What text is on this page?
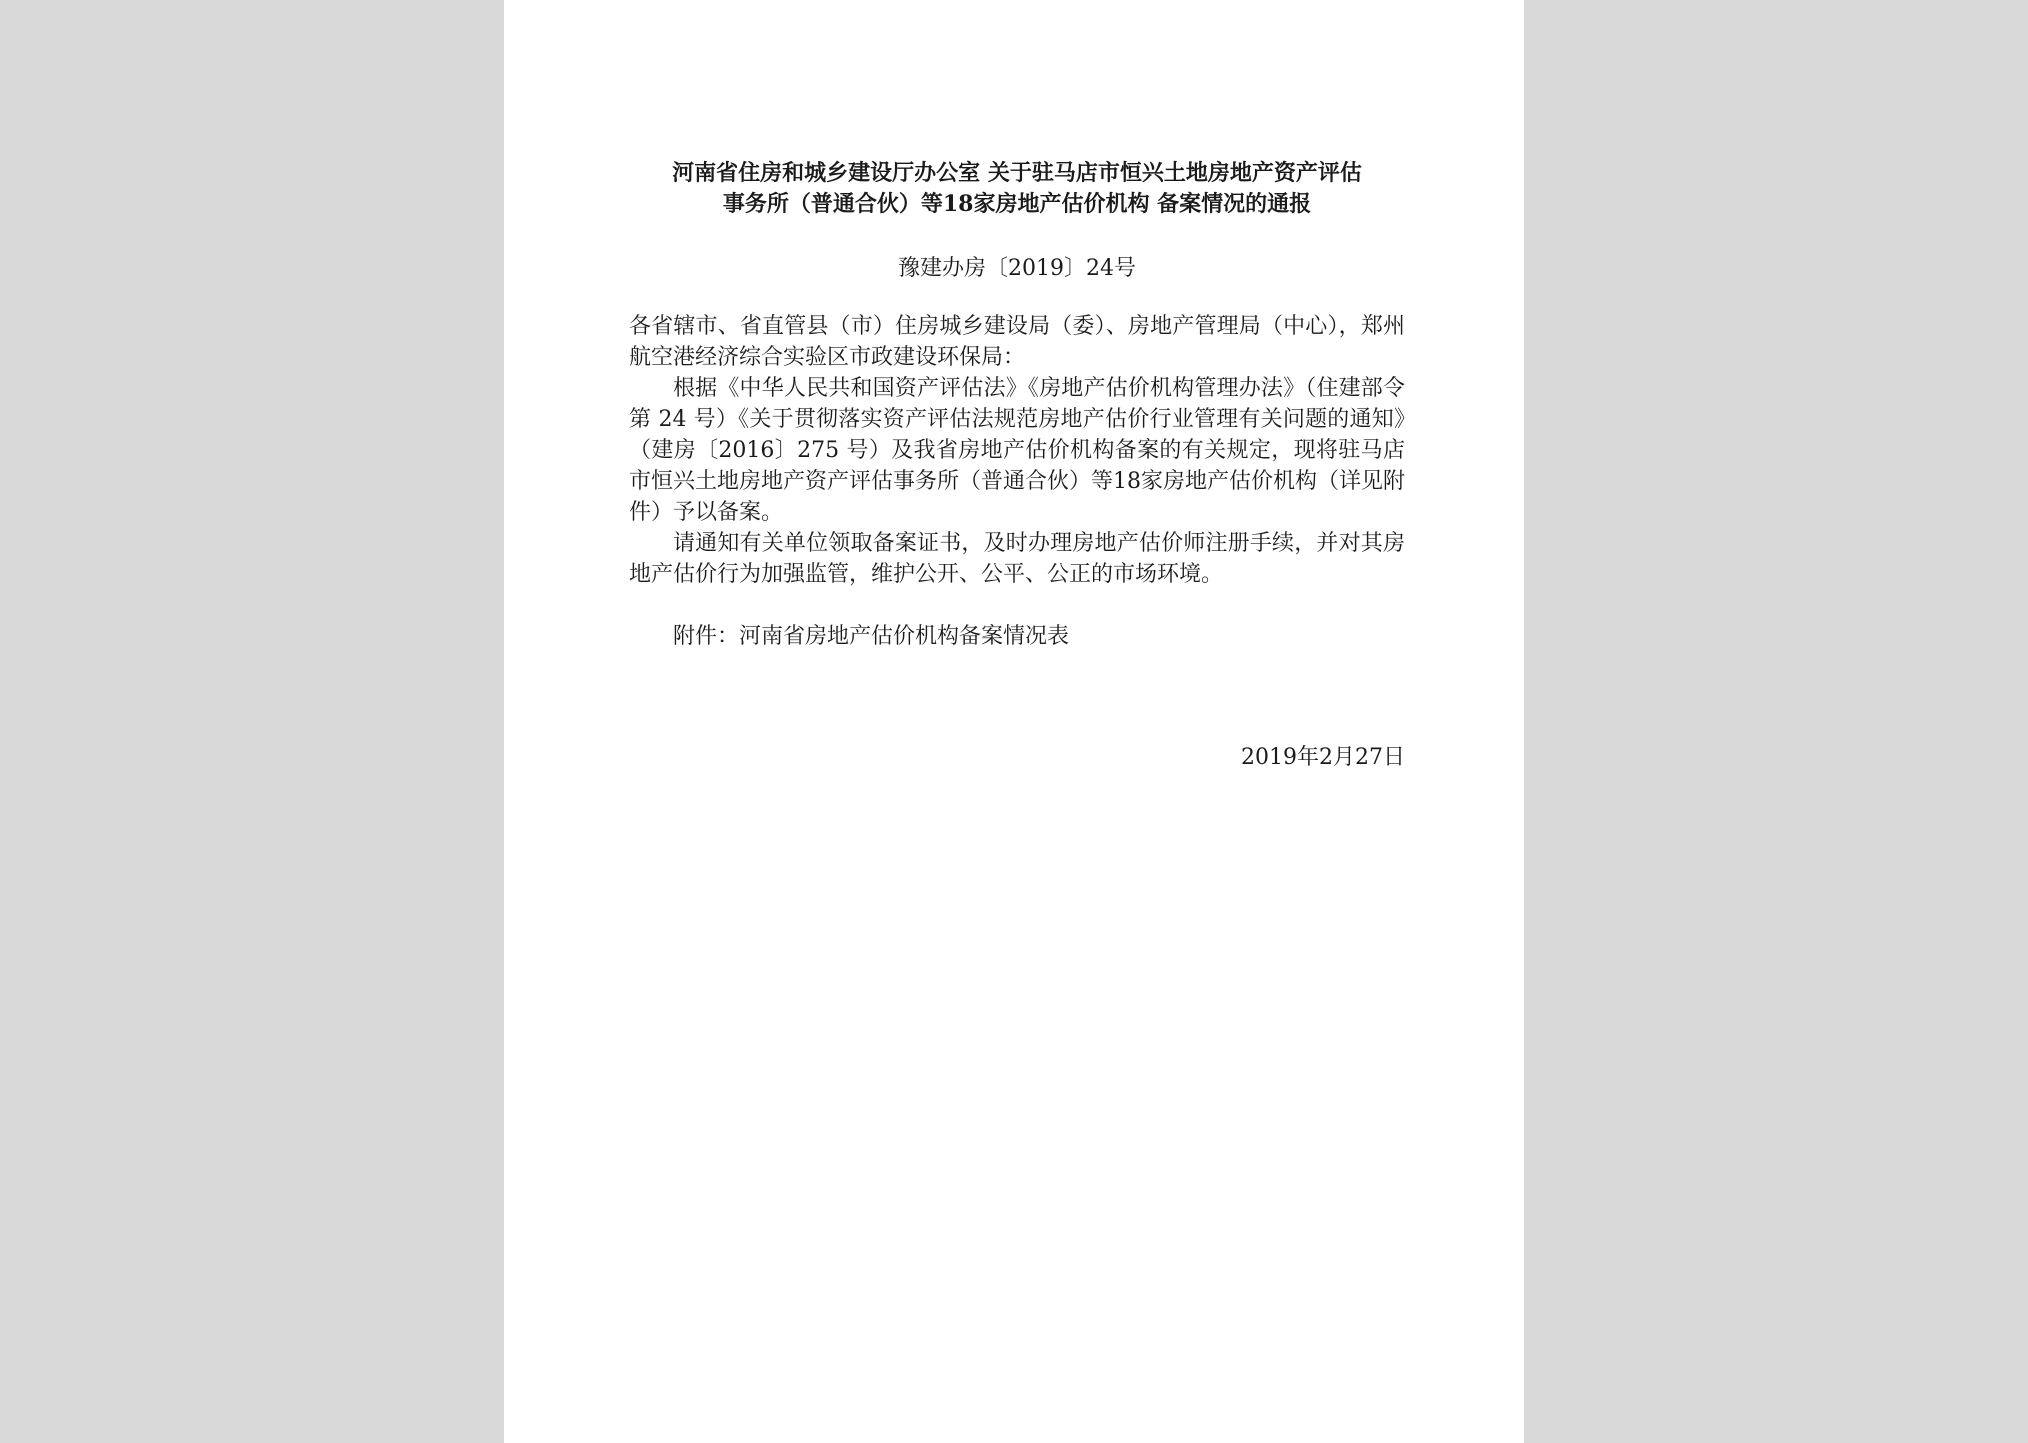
河南省住房和城乡建设厅办公室 关于驻马店市恒兴土地房地产资产评估
事务所（普通合伙）等18家房地产估价机构 备案情况的通报
豫建办房〔2019〕24号

各省辖市、省直管县（市）住房城乡建设局（委）、房地产管理局（中心），郑州航空港经济综合实验区市政建设环保局：

根据《中华人民共和国资产评估法》《房地产估价机构管理办法》（住建部令第 24 号）《关于贯彻落实资产评估法规范房地产估价行业管理有关问题的通知》（建房〔2016〕275 号）及我省房地产估价机构备案的有关规定，现将驻马店市恒兴土地房地产资产评估事务所（普通合伙）等18家房地产估价机构（详见附件）予以备案。

请通知有关单位领取备案证书，及时办理房地产估价师注册手续，并对其房地产估价行为加强监管，维护公开、公平、公正的市场环境。

附件：河南省房地产估价机构备案情况表
2019年2月27日
